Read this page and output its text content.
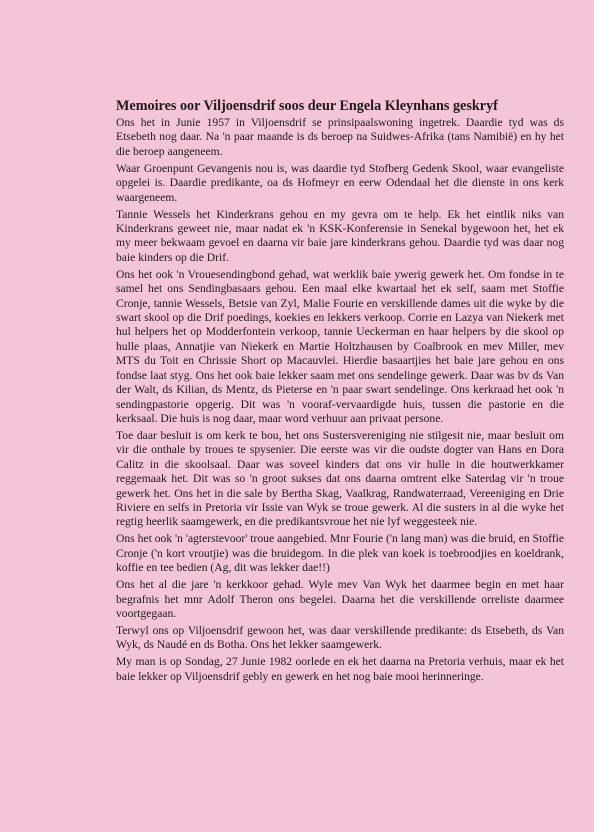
Memoires oor Viljoensdrif soos deur Engela Kleynhans geskryf

Ons het in Junie 1957 in Viljoensdrif se prinsipaalswoning ingetrek. Daardie tyd was ds Etsebeth nog daar. Na 'n paar maande is ds beroep na Suidwes-Afrika (tans Namibië) en hy het die beroep aangeneem.

Waar Groenpunt Gevangenis nou is, was daardie tyd Stofberg Gedenk Skool, waar evangeliste opgelei is. Daardie predikante, oa ds Hofmeyr en eerw Odendaal het die dienste in ons kerk waargeneem.

Tannie Wessels het Kinderkrans gehou en my gevra om te help. Ek het eintlik niks van Kinderkrans geweet nie, maar nadat ek 'n KSK-Konferensie in Senekal bygewoon het, het ek my meer bekwaam gevoel en daarna vir baie jare kinderkrans gehou. Daardie tyd was daar nog baie kinders op die Drif.

Ons het ook 'n Vrouesendingbond gehad, wat werklik baie ywerig gewerk het. Om fondse in te samel het ons Sendingbasaars gehou. Een maal elke kwartaal het ek self, saam met Stoffie Cronje, tannie Wessels, Betsie van Zyl, Malie Fourie en verskillende dames uit die wyke by die swart skool op die Drif poedings, koekies en lekkers verkoop. Corrie en Lazya van Niekerk met hul helpers het op Modderfontein verkoop, tannie Ueckerman en haar helpers by die skool op hulle plaas, Annatjie van Niekerk en Martie Holtzhausen by Coalbrook en mev Miller, mev MTS du Toit en Chrissie Short op Macauvlei. Hierdie basaartjies het baie jare gehou en ons fondse laat styg. Ons het ook baie lekker saam met ons sendelinge gewerk. Daar was bv ds Van der Walt, ds Kilian, ds Mentz, ds Pieterse en 'n paar swart sendelinge. Ons kerkraad het ook 'n sendingpastorie opgerig. Dit was 'n vooraf-vervaardigde huis, tussen die pastorie en die kerksaal. Die huis is nog daar, maar word verhuur aan privaat persone.

Toe daar besluit is om kerk te bou, het ons Sustersvereniging nie stilgesit nie, maar besluit om vir die onthale by troues te spysenier. Die eerste was vir die oudste dogter van Hans en Dora Calitz in die skoolsaal. Daar was soveel kinders dat ons vir hulle in die houtwerkkamer reggemaak het. Dit was so 'n groot sukses dat ons daarna omtrent elke Saterdag vir 'n troue gewerk het. Ons het in die sale by Bertha Skag, Vaalkrag, Randwaterraad, Vereeniging en Drie Riviere en selfs in Pretoria vir Issie van Wyk se troue gewerk. Al die susters in al die wyke het regtig heerlik saamgewerk, en die predikantsvroue het nie lyf weggesteek nie.

Ons het ook 'n 'agterstevoor' troue aangebied. Mnr Fourie ('n lang man) was die bruid, en Stoffie Cronje ('n kort vroutjie) was die bruidegom. In die plek van koek is toebroodjies en koeldrank, koffie en tee bedien (Ag, dit was lekker dae!!)

Ons het al die jare 'n kerkkoor gehad. Wyle mev Van Wyk het daarmee begin en met haar begrafnis het mnr Adolf Theron ons begelei. Daarna het die verskillende orreliste daarmee voortgegaan.

Terwyl ons op Viljoensdrif gewoon het, was daar verskillende predikante: ds Etsebeth, ds Van Wyk, ds Naudé en ds Botha. Ons het lekker saamgewerk.

My man is op Sondag, 27 Junie 1982 oorlede en ek het daarna na Pretoria verhuis, maar ek het baie lekker op Viljoensdrif gebly en gewerk en het nog baie mooi herinneringe.
